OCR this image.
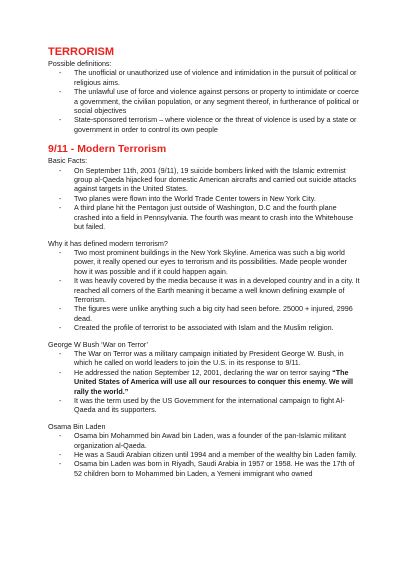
TERRORISM

Possible definitions:

- The unofficial or unauthorized use of violence and intimidation in the pursuit of political or religious aims.
- The unlawful use of force and violence against persons or property to intimidate or coerce a government, the civilian population, or any segment thereof, in furtherance of political or social objectives
- State-sponsored terrorism – where violence or the threat of violence is used by a state or government in order to control its own people
9/11 - Modern Terrorism

Basic Facts:

- On September 11th, 2001 (9/11), 19 suicide bombers linked with the Islamic extremist group al-Qaeda hijacked four domestic American aircrafts and carried out suicide attacks against targets in the United States.
- Two planes were flown into the World Trade Center towers in New York City.
- A third plane hit the Pentagon just outside of Washington, D.C and the fourth plane crashed into a field in Pennsylvania. The fourth was meant to crash into the Whitehouse but failed.

Why it has defined modern terrorism?

- Two most prominent buildings in the New York Skyline. America was such a big world power, it really opened our eyes to terrorism and its possibilities. Made people wonder how it was possible and if it could happen again.
- It was heavily covered by the media because it was in a developed country and in a city. It reached all corners of the Earth meaning it became a well known defining example of Terrorism.
- The figures were unlike anything such a big city had seen before. 25000 + injured, 2996 dead.
- Created the profile of terrorist to be associated with Islam and the Muslim religion.

George W Bush ‘War on Terror’

- The War on Terror was a military campaign initiated by President George W. Bush, in which he called on world leaders to join the U.S. in its response to 9/11.
- He addressed the nation September 12, 2001, declaring the war on terror saying “The United States of America will use all our resources to conquer this enemy. We will rally the world.”
- It was the term used by the US Government for the international campaign to fight Al-Qaeda and its supporters.

Osama Bin Laden

- Osama bin Mohammed bin Awad bin Laden, was a founder of the pan-Islamic militant organization al-Qaeda.
- He was a Saudi Arabian citizen until 1994 and a member of the wealthy bin Laden family.
- Osama bin Laden was born in Riyadh, Saudi Arabia in 1957 or 1958. He was the 17th of 52 children born to Mohammed bin Laden, a Yemeni immigrant who owned
